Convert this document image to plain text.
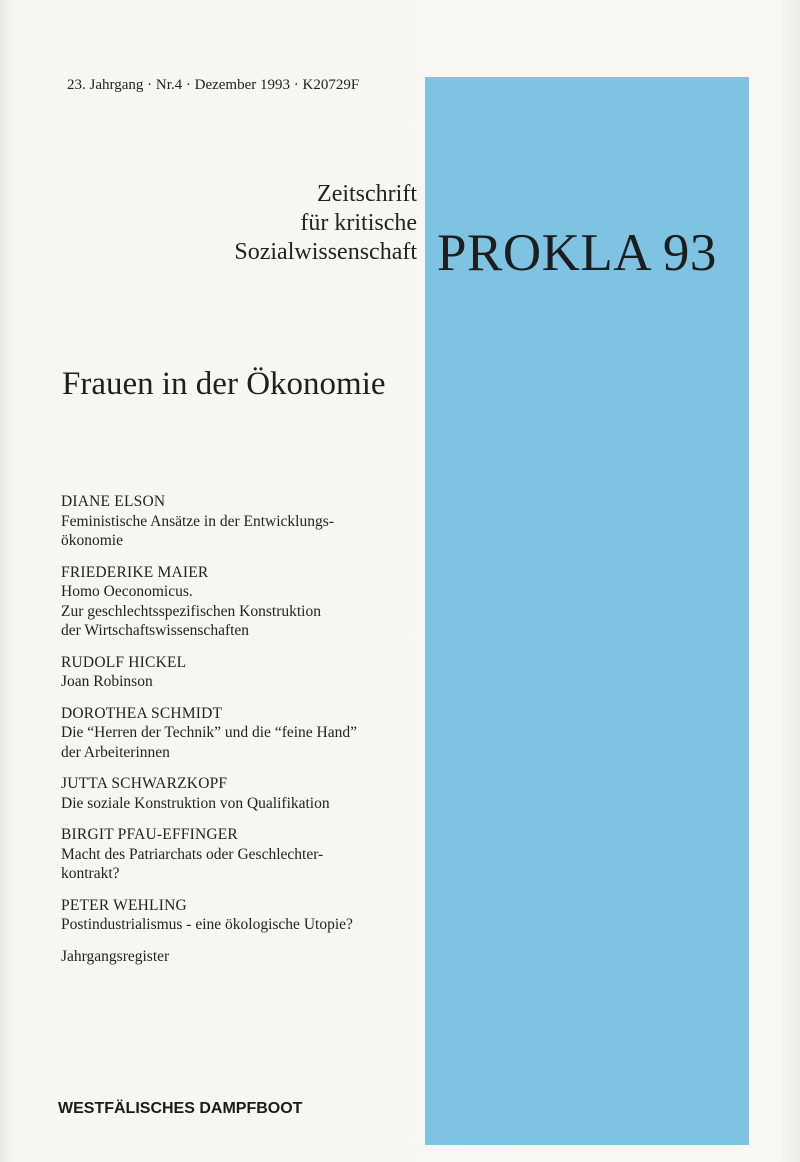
23. Jahrgang · Nr.4 · Dezember 1993 · K20729F
Zeitschrift
für kritische
Sozialwissenschaft PROKLA 93
Frauen in der Ökonomie
DIANE ELSON
Feministische Ansätze in der Entwicklungs-
ökonomie
FRIEDERIKE MAIER
Homo Oeconomicus.
Zur geschlechtsspezifischen Konstruktion
der Wirtschaftswissenschaften
RUDOLF HICKEL
Joan Robinson
DOROTHEA SCHMIDT
Die “Herren der Technik” und die “feine Hand”
der Arbeiterinnen
JUTTA SCHWARZKOPF
Die soziale Konstruktion von Qualifikation
BIRGIT PFAU-EFFINGER
Macht des Patriarchats oder Geschlechter-
kontrakt?
PETER WEHLING
Postindustrialismus - eine ökologische Utopie?
Jahrgangsregister
WESTFÄLISCHES DAMPFBOOT
